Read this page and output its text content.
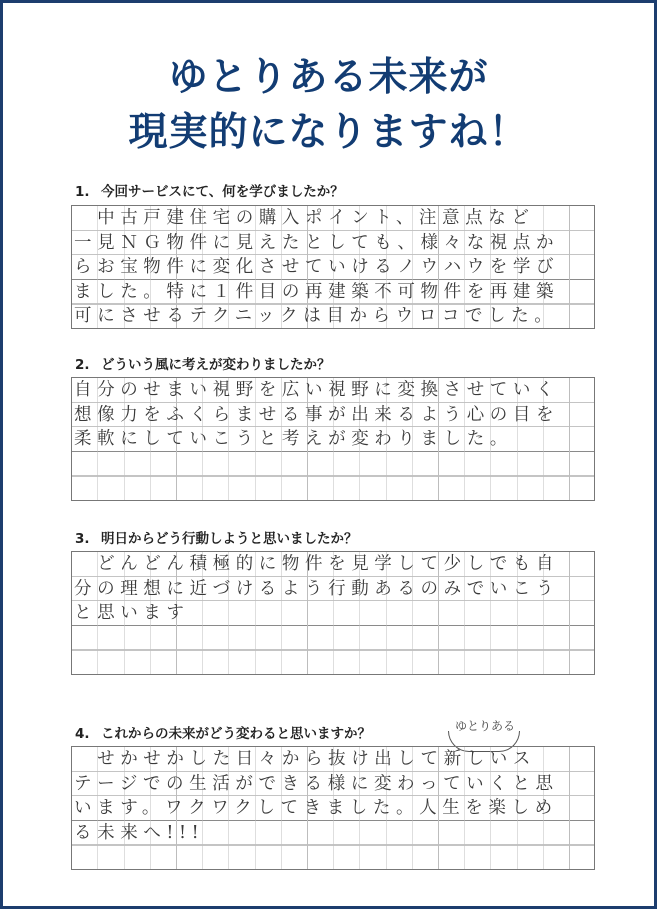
ゆとりある未来が
現実的になりますね！
1. 今回サービスにて、何を学びましたか？
　中古戸建住宅の購入ポイント、注意点など
一見ＮＧ物件に見えたとしても、様々な視点か
らお宝物件に変化させていけるノウハウを学び
ました。特に１件目の再建築不可物件を再建築
可にさせるテクニックは目からウロコでした。
2. どういう風に考えが変わりましたか？
自分のせまい視野を広い視野に変換させていく
想像力をふくらませる事が出来るよう心の目を
柔軟にしていこうと考えが変わりました。
3. 明日からどう行動しようと思いましたか？
　どんどん積極的に物件を見学して少しでも自
分の理想に近づけるよう行動あるのみでいこう
と思います
4. これからの未来がどう変わると思いますか？	ゆとりある
　せかせかした日々から抜け出して新しいス
テージでの生活ができる様に変わっていくと思
います。ワクワクしてきました。人生を楽しめ
る未来へ!!!
